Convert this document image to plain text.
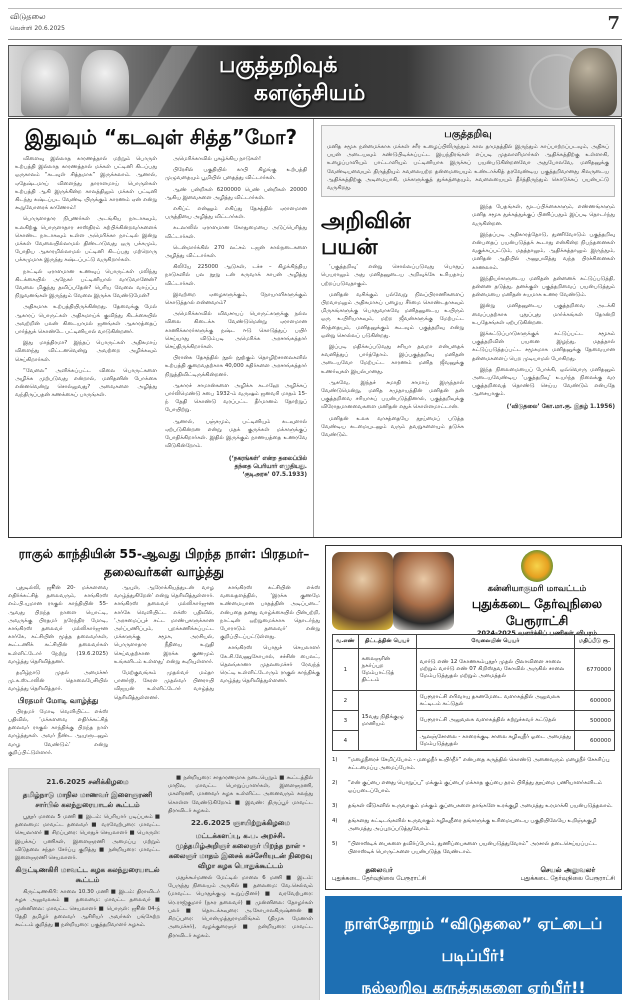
விடுதலை
வெள்ளி 20.6.2025	7
பகுத்தறிவுக்
களஞ்சியம்
இதுவும் “கடவுள் சித்த”மோ?

விளைவு இல்லாத காரணத்தால் மற்றும் பொருள் உற்பத்தி இல்லாத காரணத்தால் மக்கள் பட்டினி கிடப்பது ஒருகாலம் “கடவுள் சித்தமாக” இருக்கலாம். ஆனால், ஏதேஷ்டமாய் விளைந்து தாராளமாய் பொருள்கள் உற்பத்தி ஆகி இருக்கின்ற காலத்திலும் மக்கள் பட்டினி கிடந்து கஷ்டப்பட வேண்டி யிருக்கும் காரணம் ஏன் என்று கூறுவோரைக் காணோம்!

பொருளாதார நிபுணர்கள் அடங்கிய நாடாகவும், உலகிற்கு பொருளாதார சாஸ்திரம் கற்பிக்கின்றவர்களைக் கொண்ட நாடாகவும் உள்ள அமெரிக்கா நாட்டில் இன்று மக்கள் வேலையில்லாமல் திண்டாடுவது ஒரு பக்கமும், போதிய ஆகாரமில்லாமல் பட்டினி கிடப்பது மற்றொரு பக்கமுமாக இருந்து கஷ்டப்பட்டு வருகிறார்கள்.

நாட்டில் ஏராளமான உணவுப் பொருட்கள் மலிந்து கிடக்கையில் அநேகர் பட்டினியால் வாடுவானேன்? வேலை மிகுந்து தவிப்பதேன்? பெரிய வேலை வாய்ப்பு நிறுவனங்கள் இருந்தும் வேலை இருக்க வேண்டுமேன்?

அதிகமாக உற்பத்தியிருக்கின்றது. தேவைக்கு மேல் ஆகாரப் பொருட்கள் அதிகமாய்க் குவிந்து கிடக்கையில் அவற்றின் பலன் கிடையாமல் ஜனங்கள் ஆகாரத்தைப் பார்த்துக் கொண்டே பட்டினியால் வாடுகின்றனர்.

இது மாத்திரமா? இந்தப் பொருட்கள் அதிகமாய் விளைந்து விட்டனவென்று அவற்றை அழிக்கவும் செய்கிறார்கள்.

“வேலை” அளிக்கப்பட்ட விலை பொருட்களை அழிக்க முற்படுவது என்றால், மனிதனின் போக்கை என்னவென்று சொல்லுவது? அவைகளை அழித்து வந்திருப்பதன் கணக்கைப் பாருங்கள்.

அமெரிக்காவில் புகழ்க்கிய நாடுகள்!

பிரேசில் பகுதியில் காபி கிழங்கு உற்பத்தி முழுவதையும் பூமியில் புதைத்து விட்டார்கள்.

ஆண் பன்றிகள் 6200000 பெண் பன்றிகள் 20000 ஆகிய இவைகளை அழித்து விட்டார்கள்.

எகிப்ட் என்னும் எகிப்து தேசத்தில் ஏராளமான பருத்தியை அழித்து விட்டார்கள்.

கடலாலில் ஏராளமான கோதுமையை அடுப்பெரித்து விட்டார்கள்.

டென்மார்க்கில் 270 லட்சம் டஜன் கால்நடைகளை அழித்து விட்டார்கள்.

கிலியே 225000 ஆடுகள், டச்ச – கிழக்கிந்திய நாடுகளில் பல நூறு டன் கருவாக் காபன் அழித்து விட்டார்கள்.

இவற்றை ஏழைகளுக்கும், நோயாளிகளுக்கும் கொடுத்தால் என்னவாம்?

அமெரிக்காவில் விவசாயப் பொருட்களுக்கு நல்ல விலை கிடைக்க வேண்டுமென்று ஏராளமான காணிக்காரர்களுக்கு நஷ்ட ஈடு கொடுத்துப் பயிர் செய்யாது விடும்படி அமெரிக்க அரசாங்கத்தார் செய்திருக்கிறார்கள்.

பிரான்சு தேசத்தில் நூல் நூற்கும் தொழிற்சாலைகளில் உற்பத்தி குறைவதற்காக 40,000 கதிர்களை அரசாங்கத்தார் நிறுத்திவிட்டிருக்கின்றனர்.

ஆகாரச் சாமான்களை அழிக்க கடாஹே அழிக்கப் பார்லிமெண்டு சபை 1932-ம் வருஷம் ஜனவரி மாதம் 15-ந் தேதி கொண்டு வரப்பட்ட தீர்மானம் தோற்றுப் போயிற்று.

ஆனால், பஞ்சமும், பட்டினியும் கடவுளால் ஏற்படுகின்றன என்று மதக் குருக்கள் மக்களுக்குப் போதிக்கிறார்கள். இதில் இருக்கும் நாணயத்தை உணரவே விடுகின்றோம்.

(‘நகரங்கள்’ என்ற தலைப்பில்
தந்தை பெரியார் எழுதியது.
‘குடிஅரசு’ 07.5.1933)
பகுத்தறிவு
மனித சமூக நன்மைக்காக மக்கள் சரீர உழைப்பிலிருந்தும் கால தாமதத்தில் இருந்தும் காப்பாற்றப்படவும், அதிகப் பயன் அடையவும் கண்டுபிடிக்கப்பட்ட இயந்திரங்கள் எப்படி முதலாளிமார்கள் ஆதிக்கத்திற்கு உள்ளாகி, உழைப்பாளியும் பாட்டாளியும் பட்டினியாக இருக்கப் பயன்படுகின்றனவோ அதுபோலவே, மனிதனுக்கு வேண்டியவையும் திருத்தியும் கவலையற்ற தன்மையையும் உண்டாக்கித் தரவேண்டிய பகுத்தறிவானது சிலருடைய ஆதிக்கத்திற்கு அடிமையாகி, மக்களுக்குத் துக்கத்தையும், கவலையையும் தீர்த்திருந்தும் கொடுக்கப் பயன்பட்டு வருகிறது.
அறிவின் பயன்

‘பகுத்தறிவு’ என்று சொல்லப்படுவது பொதுப் பெயராலும் அது மனிதனுடைய அறிவுக்கே உரியதாய் பற்றப்படுவதாகும்.

மனிதன் வசிக்கும் பல்வேறு நிலப்பிராணிகளைப் பிறவாமலும் அதிகமாகப் பழைய சீர்மை கொண்டதாகவும் மிருகங்களுக்கு பொதுவாகவே மனிதனுடைய உயிரும் ஒரு உயிரியாகவும், மற்ற ஜீவன்களுக்கு மேற்பட்ட சிரத்தையும், மனிதனுக்கும் கூடவும் பகுத்தறிவு என்று ஒன்று சொல்லப் படுகின்றது.

இப்படி மதிக்கப்படுவது சரியா தவறா என்பதைக் கவனித்துப் பார்த்தோம். இப்பகுத்தறிவு மனிதன் அடையவோ மேற்பட்ட காரணம் மனித ஜீவனுக்கு உணர்வுகள் இயல்பானது.

ஆகவே, இந்தச் சமாதி சாமாய் இருந்தால் வேண்டுமென்று, மனித சமுதாயத்தின் மனிதன் தன் பகுத்தறிவை சரியாகப் பயன்படுத்தினால், பகுத்தறிவுக்கு விரோதமானவைகளை மனிதன் எதுக் கொள்ளமாட்டான்.

மனிதன் உலக வாசத்தையே தூய்மைப் படுத்த வேண்டிய கடமையுடனும் வரும் தவறுகளையும் தடுக்க வேண்டும்.

இந்த பேதங்கள், மூடப்பிக்கைகளும், எண்ணங்களும் மனித சமூக துக்கத்துக்குப் பிணிப்பதும் இப்படி தொடர்ந்து வருகின்றன.

இந்தப்படி அதிகாரத்தோடு, துணிவோடும் பகுத்தறிவு என்பதைப் பயன்படுத்தக் கூடாது என்கின்ற நிபந்தனைகள் வகுக்கப்பட்டும், மதத்தாலும், ஆதிக்கத்தாலும் இருந்தும், மனிதன் ஆதியில் அனுபவித்து வந்த பிரச்சினைகள் காணலாம்.

இந்தியர்களுடைய மனிதன் தன்னைக் கட்டுப்படுத்தி, தன்னை தடுத்து, தனக்குள் பகுத்தறிவைப் பயன்படுத்தும் தன்மையை மனிதன் சுயமாக உணர வேண்டும்.

இன்று மனிதனுடைய பகுத்தறிவை அடக்கி வைப்பதற்காக புதுப்புது மார்க்கங்கள் தோன்றி உபதேசங்கள் ஏற்படுகின்றன.

இக்கட்டுப்பாடுகளுக்குக் கட்டுப்பட்ட சமூகம் பகுத்தறிவின் பயனை இழந்து, மதத்தால் கட்டுப்படுத்தப்பட்ட சமூகமாக மனிதனுக்கு தேவையான தன்மைகளைப் பெற முடியாமல் போகிறது.

இந்த நிலைமையைப் போக்கி, ஒவ்வொரு மனிதனும் அடையவேண்டிய ‘பகுத்தறிவு’ உயர்ந்த நிலைக்கு வர பகுத்தறிவைத் தொண்டு செய்ய வேண்டும் என்பதே ஆசையாகும்.

(‘விடுதலை’ கோ.மா.கு. இதழ் 1.1956)
ராகுல் காந்தியின் 55-ஆவது பிறந்த நாள்: பிரதமர்–தலைவர்கள் வாழ்த்து

புதுடில்லி, ஜூன் 20- மக்களவை எதிர்க்கட்சித் தலைவரும், காங்கிரஸ் எம்.பி.யுமான ராகுல் காந்தியின் 55-ஆவது பிறந்த நாளை யொட்டி, அவருக்கு பிரதமர் நரேந்திர மோடி, காங்கிரஸ் தலைவர் மல்லிகார்ஜுன கார்கே, கட்சியின் மூத்த தலைவர்கள், கூட்டணிக் கட்சியின் தலைவர்கள் உள்ளிட்டோர் நேற்று (19.6.2025) வாழ்த்து தெரிவித்தனர்.

தமிழ்நாடு முதல் அமைச்சர் மு.க.ஸ்டாலின் தொலைபேசியில் வாழ்த்து தெரிவித்தார்.

பிரதமர் மோடி வாழ்த்து

பிரதமர் மோடி வெளியிட்ட எக்ஸ் பதிவில், ‘மக்களவை எதிர்க்கட்சித் தலைவர் ராகுல் காந்திக்கு பிறந்த நாள் வாழ்த்துகள். அவர் நீண்ட ஆயுளுடனும் வாழ வேண்டும்’ என்று குறிப்பிட்டுள்ளார்.

ஆயுள், ஆரோக்கியத்துடன் வாழ வாழ்த்துகிறேன்’ என்று தெரிவித்துள்ளார். காங்கிரஸ் தலைவர் மல்லிகார்ஜுன கார்கே வெளியிட்ட எக்ஸ் பதிவில், ‘அரசமைப்புச் சட்ட மாண்புகளுக்கான அர்ப்பணிப்பும், புறக்கணிக்கப்பட்ட மக்களுக்கு சமூக, அரசியல், பொருளாதார நீதியை உறுதி செய்வதற்கான இரக்க குணமும் உங்களிடம் உள்ளது’ என்று கூறியுள்ளார்.

மேற்குவங்கம் முதல்வர் மம்தா பானர்ஜி, கேரள முதல்வர் பினராயி விஜயன் உள்ளிட்டோர் வாழ்த்து தெரிவித்துள்ளனர்.

காங்கிரஸ் கட்சியின் எக்ஸ் வலைதளத்தில், ‘இரக்க குணமே உண்மையான பாதத்தின் அடிப்படை’ என்பதை தனது வாழ்க்கையில் பின்பற்றி, நாட்டின் ஒற்றுமைக்காக தொடர்ந்து போராடும் தலைவர்’ என்று குறிப்பிடப்பட்டுள்ளது.

காங்கிரஸ் பொதுச் செயலாளர் கே.சி.வேணுகோபால், சச்சின் பைலட், தெலங்கானா முதலமைச்சர் ரேவந்த் ரெட்டி உள்ளிட்டோரும் ராகுல் காந்திக்கு வாழ்த்து தெரிவித்துள்ளனர்.

21.6.2025 சனிக்கிழமை
தமிழ்நாடு மாநில மாணவர் இளைஞரணி சார்பில் கலந்துரையாடல் கூட்டம்

பூதூர் மாலை 5 மணி ■ இடம்: பெரியார் படிப்பகம் ■ தலைமை: மாவட்ட தலைவர் ■ வரவேற்புரை: மாவட்ட செயலாளர் ■ சிறப்புரை: பொதுச் செயலாளர் ■ பொருள்: இயக்கப் பணிகள், இளைஞரணி அமைப்பு மற்றும் விடுதலை சந்தா சேர்ப்பு குறித்து ■ நன்றியுரை: மாவட்ட இளைஞரணி செயலாளர்.

கிருட்டிணகிரி மாவட்ட கழக கலந்துரையாடல் கூட்டம்

கிருட்டிணகிரி: காலை 10.30 மணி ■ இடம்: திராவிடர் கழக அலுவலகம் ■ தலைமை: மாவட்ட தலைவர் ■ முன்னிலை: மாவட்ட செயலாளர் ■ பொருள்: ஜூன் 04-ந் தேதி தமிழர் தலைவர் ஆசிரியர் அவர்கள் பங்கேற்ற கூட்டம் குறித்து ■ நன்றியுரை: பகுத்தறிவாளர் கழகம்.

■ நன்றியுரை: சாதாரணமாக நடைபெறும் ■ கூட்டத்தில் மாநில, மாவட்ட பொறுப்பாளர்கள், இளைஞரணி, மகளிரணி, மாணவர் கழக உள்ளிட்ட அனைவரும் கலந்து கொள்ள வேண்டுகிறோம் ■ இவண்: திருப்பூர் மாவட்ட திராவிடர் கழகம்.

22.6.2025 ஞாயிற்றுக்கிழமை
மட்டக்களப்பு, க.ப. அறச்சி. முத்தமிழ்அறிஞர் கலைஞர் பிறந்த நாள் - கலைஞர் மாதம் இசைக் கச்சேரியுடன் நிறைவு விழா கழக பொதுக்கூட்டம்

மதுக்கூர்மணல் மேட்டில் மாலை 6 மணி ■ இடம்: பேருந்து நிலையம் அருகில் ■ தலைமை: வே.செல்வம் (மாவட்ட பொதுக்குழு உறுப்பினர்) ■ வரவேற்புரை: ரெ.ராஜ்குமார் (நகர தலைவர்) ■ முன்னிலை: தோழர்கள் பலர் ■ தொடக்கவுரை: அ.கோபாலகிருஷ்ணன் ■ சிறப்புரை: பொன்முத்துராமலிங்கம் (திமுக மேனாள் அமைச்சர்), வழக்குரைஞர் ■ நன்றியுரை: மாவட்ட திராவிடர் கழகம்.

கன்னியாகுமரி மாவட்டம்
புதுக்கடை தேர்வுநிலை பேரூராட்சி
2024-2025 வளர்ச்சிப் பணிகள் விபரம்
வ.எண்	திட்டத்தின் பெயர்	வேலையின் பெயர்	மதிப்பீடு ரூ.
1	கலைஞரின் நகர்ப்புற மேம்பாட்டுத் திட்டம்	வார்டு எண் 12 கோணகம்புதூர் முதல் பிலாவிளை சாலை மற்றும் வார்டு எண் 07 கிறிஸ்தவ கோவில் அருகில் சாலை மேம்படுத்துதல் மற்றும் அமைத்தல்	6770000
2	15வது நிதிக்குழு மானியம்	பேரூராட்சி எரிவாயு தகனமேடை வளாகத்தில் அலுவலக கட்டிடம் கட்டுதல்	600000
3		பேரூராட்சி அலுவலக வளாகத்தில் சுற்றுச்சுவர் கட்டுதல்	500000
4		ஆலஞ்சோலை - காரைக்குடி சாலை கழிவுநீர் ஓடை அமைத்து மேம்படுத்துதல்	600000
1)	“மழைநீரைச் சேமிப்போம் - மழைநீர் உயிர்நீர்” என்பதை கருத்தில் கொண்டு அனைவரும் மழைநீர் சேகரிப்பு கட்டமைப்பு அமைப்போம்.
2)	“என் குப்பை எனது பொறுப்பு” மக்கும் குப்பை/ மக்காத குப்பை தரம் பிரித்து தூய்மை பணியாளர்களிடம் ஒப்படைப்போம்.
3)	தங்கள் வீடுகளில் உருவாகும் மக்கும் குப்பைகளை தாங்களே உரக்குழி அமைத்து உரமாக்கி பயன்படுத்தலாம்.
4)	தங்களது கட்டிடங்களில் உருவாகும் கழிவுநீரை தங்களுக்கு உரிமையுடைய பகுதியிலேயே உறிஞ்சுகுழி அமைத்து அப்புறப்படுத்துவோம்.
5)	“பிளாஸ்டிக் பைகளை தவிர்ப்போம், துணிப்பைகளை பயன்படுத்துவோம்” அரசால் தடைசெய்யப்பட்ட பிளாஸ்டிக் பொருட்களை பயன்படுத்த வேண்டாம்.
தலைவர்
புதுக்கடை தேர்வுநிலை பேரூராட்சி
செயல் அலுவலர்
புதுக்கடை தேர்வுநிலை பேரூராட்சி
நாள்தோறும் “விடுதலை” ஏட்டைப் படிப்பீர்!
நல்லறிவு கருத்துகளை ஏற்பீர்!!
